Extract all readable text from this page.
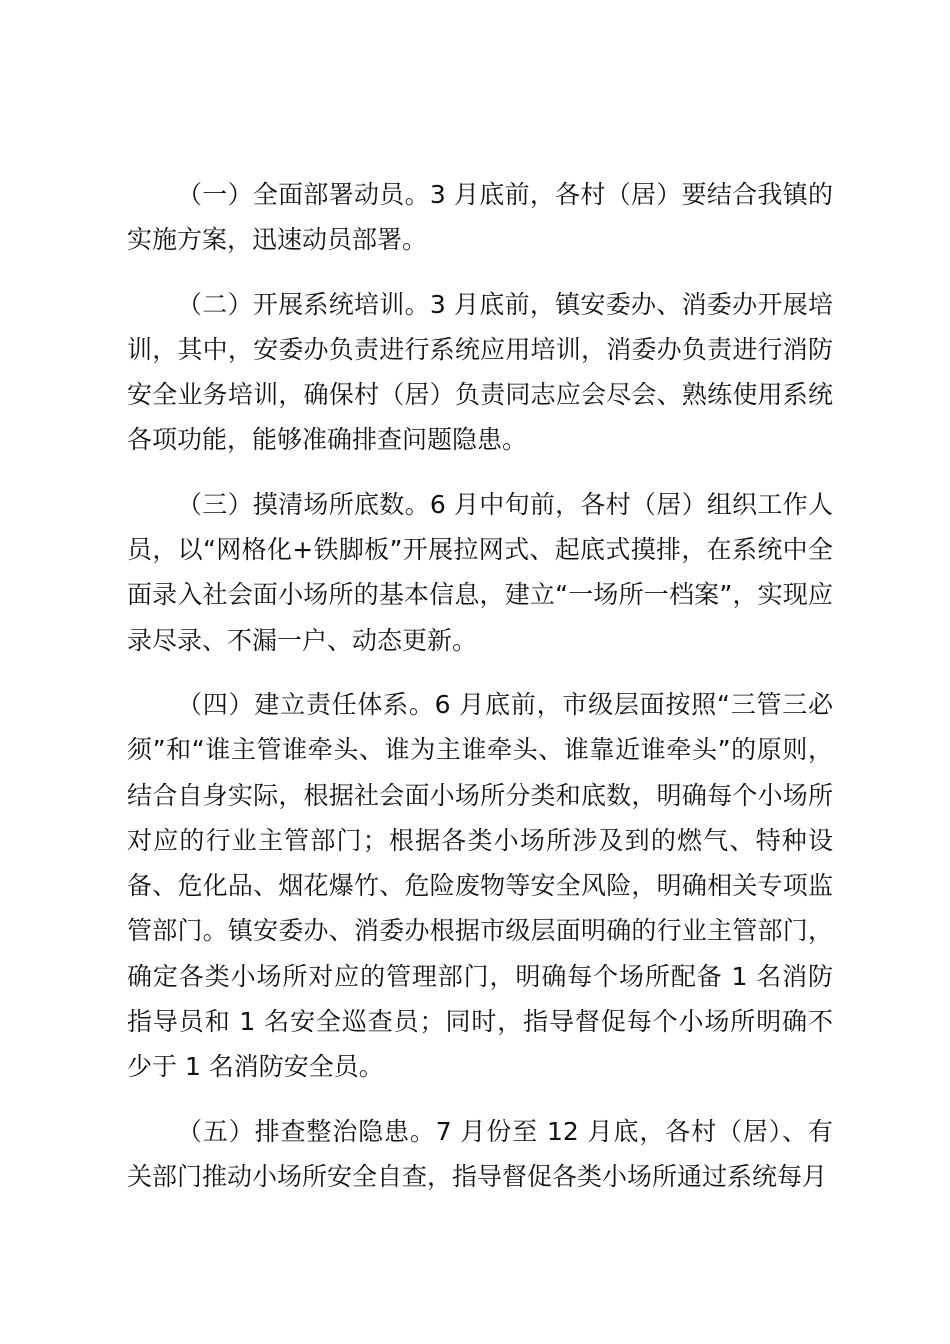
（一）全面部署动员。3 月底前，各村（居）要结合我镇的实施方案，迅速动员部署。

（二）开展系统培训。3 月底前，镇安委办、消委办开展培训，其中，安委办负责进行系统应用培训，消委办负责进行消防安全业务培训，确保村（居）负责同志应会尽会、熟练使用系统各项功能，能够准确排查问题隐患。

（三）摸清场所底数。6 月中旬前，各村（居）组织工作人员，以“网格化+铁脚板”开展拉网式、起底式摸排，在系统中全面录入社会面小场所的基本信息，建立“一场所一档案”，实现应录尽录、不漏一户、动态更新。

（四）建立责任体系。6 月底前，市级层面按照“三管三必须”和“谁主管谁牵头、谁为主谁牵头、谁靠近谁牵头”的原则，结合自身实际，根据社会面小场所分类和底数，明确每个小场所对应的行业主管部门；根据各类小场所涉及到的燃气、特种设备、危化品、烟花爆竹、危险废物等安全风险，明确相关专项监管部门。镇安委办、消委办根据市级层面明确的行业主管部门，确定各类小场所对应的管理部门，明确每个场所配备 1 名消防指导员和 1 名安全巡查员；同时，指导督促每个小场所明确不少于 1 名消防安全员。

（五）排查整治隐患。7 月份至 12 月底，各村（居）、有关部门推动小场所安全自查，指导督促各类小场所通过系统每月
